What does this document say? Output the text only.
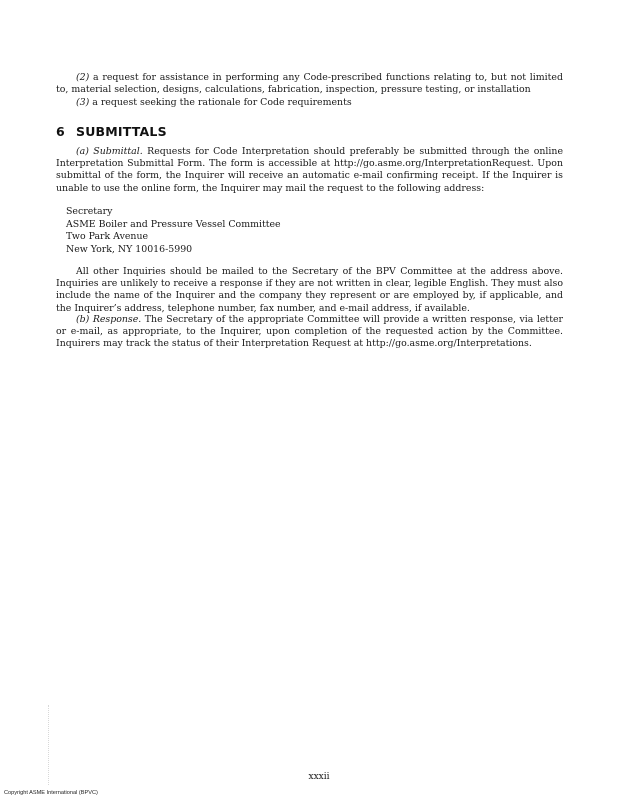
(2) a request for assistance in performing any Code-prescribed functions relating to, but not limited to, material selection, designs, calculations, fabrication, inspection, pressure testing, or installation

(3) a request seeking the rationale for Code requirements

6 SUBMITTALS

(a) Submittal. Requests for Code Interpretation should preferably be submitted through the online Interpretation Submittal Form. The form is accessible at http://go.asme.org/InterpretationRequest. Upon submittal of the form, the Inquirer will receive an automatic e-mail confirming receipt. If the Inquirer is unable to use the online form, the Inquirer may mail the request to the following address:

Secretary
ASME Boiler and Pressure Vessel Committee
Two Park Avenue
New York, NY 10016-5990

All other Inquiries should be mailed to the Secretary of the BPV Committee at the address above. Inquiries are unlikely to receive a response if they are not written in clear, legible English. They must also include the name of the Inquirer and the company they represent or are employed by, if applicable, and the Inquirer’s address, telephone number, fax number, and e-mail address, if available.

(b) Response. The Secretary of the appropriate Committee will provide a written response, via letter or e-mail, as appropriate, to the Inquirer, upon completion of the requested action by the Committee. Inquirers may track the status of their Interpretation Request at http://go.asme.org/Interpretations.

xxxii

Copyright ASME International (BPVC)
